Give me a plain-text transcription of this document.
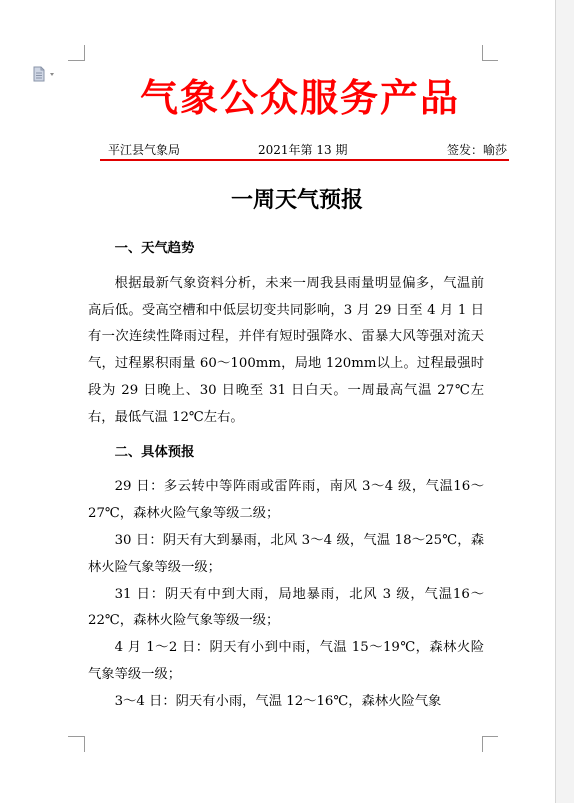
气象公众服务产品
平江县气象局	2021年第 13 期	签发：喻莎
一周天气预报

一、天气趋势

根据最新气象资料分析，未来一周我县雨量明显偏多，气温前高后低。受高空槽和中低层切变共同影响，3 月 29 日至 4 月 1 日有一次连续性降雨过程，并伴有短时强降水、雷暴大风等强对流天气，过程累积雨量 60～100mm，局地 120mm以上。过程最强时段为 29 日晚上、30 日晚至 31 日白天。一周最高气温 27℃左右，最低气温 12℃左右。

二、具体预报

29 日：多云转中等阵雨或雷阵雨，南风 3～4 级，气温16～27℃，森林火险气象等级二级；

30 日：阴天有大到暴雨，北风 3～4 级，气温 18～25℃，森林火险气象等级一级；

31 日：阴天有中到大雨，局地暴雨，北风 3 级，气温16～22℃，森林火险气象等级一级；

4 月 1～2 日：阴天有小到中雨，气温 15～19℃，森林火险气象等级一级；

3～4 日：阴天有小雨，气温 12～16℃，森林火险气象
